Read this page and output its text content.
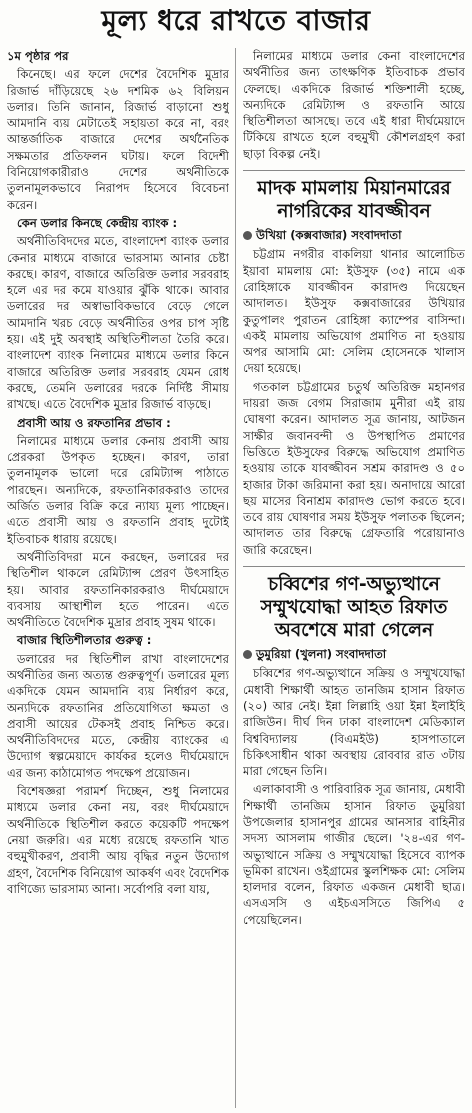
মূল্য ধরে রাখতে বাজার
১ম পৃষ্ঠার পর

কিনেছে। এর ফলে দেশের বৈদেশিক মুদ্রার রিজার্ভ দাঁড়িয়েছে ২৬ দশমিক ৬২ বিলিয়ন ডলার। তিনি জানান, রিজার্ভ বাড়ানো শুধু আমদানি ব্যয় মেটাতেই সহায়তা করে না, বরং আন্তর্জাতিক বাজারে দেশের অর্থনৈতিক সক্ষমতার প্রতিফলন ঘটায়। ফলে বিদেশী বিনিয়োগকারীরাও দেশের অর্থনীতিকে তুলনামূলকভাবে নিরাপদ হিসেবে বিবেচনা করেন।

কেন ডলার কিনছে কেন্দ্রীয় ব্যাংক :

অর্থনীতিবিদদের মতে, বাংলাদেশ ব্যাংক ডলার কেনার মাধ্যমে বাজারে ভারসাম্য আনার চেষ্টা করছে। কারণ, বাজারে অতিরিক্ত ডলার সরবরাহ হলে এর দর কমে যাওয়ার ঝুঁকি থাকে। আবার ডলারের দর অস্বাভাবিকভাবে বেড়ে গেলে আমদানি খরচ বেড়ে অর্থনীতির ওপর চাপ সৃষ্টি হয়। এই দুই অবস্থাই অস্থিতিশীলতা তৈরি করে। বাংলাদেশ ব্যাংক নিলামের মাধ্যমে ডলার কিনে বাজারে অতিরিক্ত ডলার সরবরাহ যেমন রোধ করছে, তেমনি ডলারের দরকে নির্দিষ্ট সীমায় রাখছে। এতে বৈদেশিক মুদ্রার রিজার্ভ বাড়ছে।

প্রবাসী আয় ও রফতানির প্রভাব :

নিলামের মাধ্যমে ডলার কেনায় প্রবাসী আয় প্রেরকরা উপকৃত হচ্ছেন। কারণ, তারা তুলনামূলক ভালো দরে রেমিট্যান্স পাঠাতে পারছেন। অন্যদিকে, রফতানিকারকরাও তাদের অর্জিত ডলার বিক্রি করে ন্যায্য মূল্য পাচ্ছেন। এতে প্রবাসী আয় ও রফতানি প্রবাহ দুটোই ইতিবাচক ধারায় রয়েছে।

অর্থনীতিবিদরা মনে করছেন, ডলারের দর স্থিতিশীল থাকলে রেমিট্যান্স প্রেরণ উৎসাহিত হয়। আবার রফতানিকারকরাও দীর্ঘমেয়াদে ব্যবসায় আস্থাশীল হতে পারেন। এতে অর্থনীতিতে বৈদেশিক মুদ্রার প্রবাহ সুষম থাকে।

বাজার স্থিতিশীলতার গুরুত্ব :

ডলারের দর স্থিতিশীল রাখা বাংলাদেশের অর্থনীতির জন্য অত্যন্ত গুরুত্বপূর্ণ। ডলারের মূল্য একদিকে যেমন আমদানি ব্যয় নির্ধারণ করে, অন্যদিকে রফতানির প্রতিযোগিতা ক্ষমতা ও প্রবাসী আয়ের টেকসই প্রবাহ নিশ্চিত করে। অর্থনীতিবিদদের মতে, কেন্দ্রীয় ব্যাংকের এ উদ্যোগ স্বল্পমেয়াদে কার্যকর হলেও দীর্ঘমেয়াদে এর জন্য কাঠামোগত পদক্ষেপ প্রয়োজন।

বিশেষজ্ঞরা পরামর্শ দিচ্ছেন, শুধু নিলামের মাধ্যমে ডলার কেনা নয়, বরং দীর্ঘমেয়াদে অর্থনীতিকে স্থিতিশীল করতে কয়েকটি পদক্ষেপ নেয়া জরুরি। এর মধ্যে রয়েছে রফতানি খাত বহুমুখীকরণ, প্রবাসী আয় বৃদ্ধির নতুন উদ্যোগ গ্রহণ, বৈদেশিক বিনিয়োগ আকর্ষণ এবং বৈদেশিক বাণিজ্যে ভারসাম্য আনা। সর্বোপরি বলা যায়,

নিলামের মাধ্যমে ডলার কেনা বাংলাদেশের অর্থনীতির জন্য তাৎক্ষণিক ইতিবাচক প্রভাব ফেলছে। একদিকে রিজার্ভ শক্তিশালী হচ্ছে, অন্যদিকে রেমিট্যান্স ও রফতানি আয়ে স্থিতিশীলতা আসছে। তবে এই ধারা দীর্ঘমেয়াদে টিকিয়ে রাখতে হলে বহুমুখী কৌশলগ্রহণ করা ছাড়া বিকল্প নেই।

মাদক মামলায় মিয়ানমারের
নাগরিকের যাবজ্জীবন
উখিয়া (কক্সবাজার) সংবাদদাতা

চট্টগ্রাম নগরীর বাকলিয়া থানার আলোচিত ইয়াবা মামলায় মো: ইউসুফ (৩৫) নামে এক রোহিঙ্গাকে যাবজ্জীবন কারাদণ্ড দিয়েছেন আদালত। ইউসুফ কক্সবাজারের উখিয়ার কুতুপালং পুরাতন রোহিঙ্গা ক্যাম্পের বাসিন্দা। একই মামলায় অভিযোগ প্রমাণিত না হওয়ায় অপর আসামি মো: সেলিম হোসেনকে খালাস দেয়া হয়েছে।

গতকাল চট্টগ্রামের চতুর্থ অতিরিক্ত মহানগর দায়রা জজ বেগম সিরাজাম মুনীরা এই রায় ঘোষণা করেন। আদালত সূত্র জানায়, আটজন সাক্ষীর জবানবন্দী ও উপস্থাপিত প্রমাণের ভিত্তিতে ইউসুফের বিরুদ্ধে অভিযোগ প্রমাণিত হওয়ায় তাকে যাবজ্জীবন সশ্রম কারাদণ্ড ও ৫০ হাজার টাকা জরিমানা করা হয়। অনাদায়ে আরো ছয় মাসের বিনাশ্রম কারাদণ্ড ভোগ করতে হবে। তবে রায় ঘোষণার সময় ইউসুফ পলাতক ছিলেন; আদালত তার বিরুদ্ধে গ্রেফতারি পরোয়ানাও জারি করেছেন।

চব্বিশের গণ-অভ্যুত্থানে
সম্মুখযোদ্ধা আহত রিফাত
অবশেষে মারা গেলেন
ডুমুরিয়া (খুলনা) সংবাদদাতা

চব্বিশের গণ-অভ্যুত্থানে সক্রিয় ও সম্মুখযোদ্ধা মেধাবী শিক্ষার্থী আহত তানজিম হাসান রিফাত (২০) আর নেই। ইন্না লিল্লাহি ওয়া ইন্না ইলাইহি রাজিউন। দীর্ঘ দিন ঢাকা বাংলাদেশ মেডিক্যাল বিশ্ববিদ্যালয় (বিএমইউ) হাসপাতালে চিকিৎসাধীন থাকা অবস্থায় রোববার রাত ৩টায় মারা গেছেন তিনি।

এলাকাবাসী ও পারিবারিক সূত্র জানায়, মেধাবী শিক্ষার্থী তানজিম হাসান রিফাত ডুমুরিয়া উপজেলার হাসানপুর গ্রামের আনসার বাহিনীর সদস্য আসলাম গাজীর ছেলে। '২৪-এর গণ-অভ্যুত্থানে সক্রিয় ও সম্মুখযোদ্ধা হিসেবে ব্যাপক ভূমিকা রাখেন। ওইগ্রামের স্কুলশিক্ষক মো: সেলিম হালদার বলেন, রিফাত একজন মেধাবী ছাত্র। এসএসসি ও এইচএসসিতে জিপিএ ৫ পেয়েছিলেন।
